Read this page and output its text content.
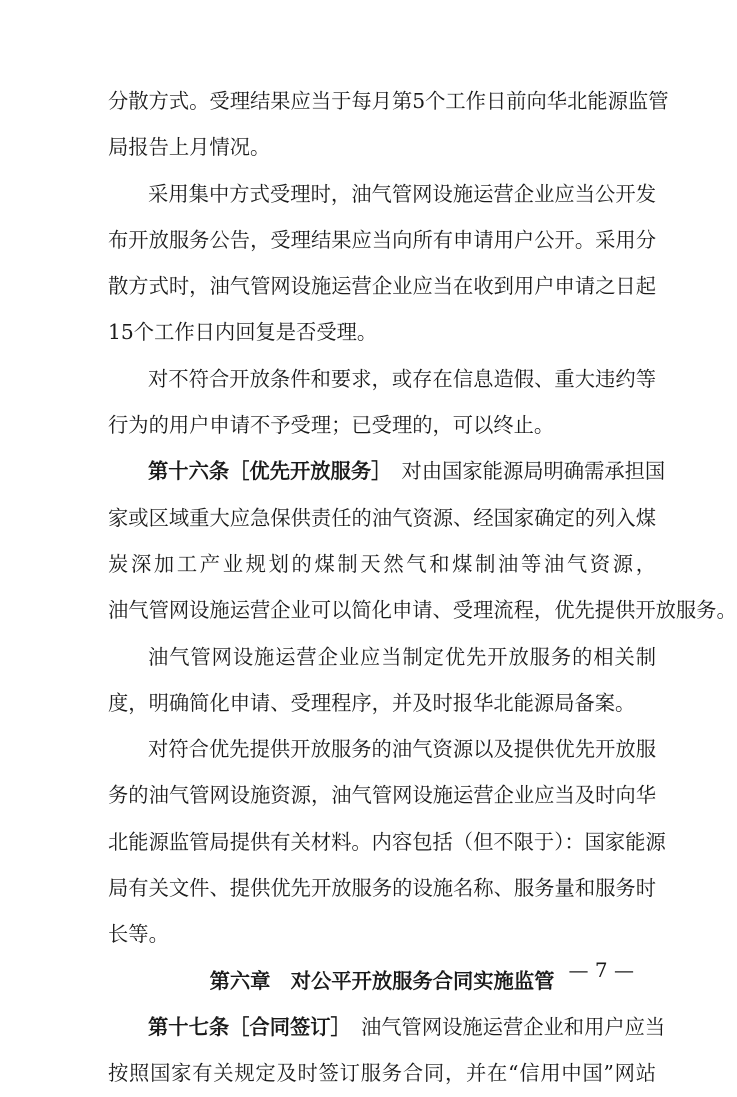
分散方式。受理结果应当于每月第5个工作日前向华北能源监管
局报告上月情况。
采用集中方式受理时，油气管网设施运营企业应当公开发
布开放服务公告，受理结果应当向所有申请用户公开。采用分
散方式时，油气管网设施运营企业应当在收到用户申请之日起
15个工作日内回复是否受理。
对不符合开放条件和要求，或存在信息造假、重大违约等
行为的用户申请不予受理；已受理的，可以终止。
第十六条［优先开放服务］　 对由国家能源局明确需承担国
家或区域重大应急保供责任的油气资源、经国家确定的列入煤
炭深加工产业规划的煤制天然气和煤制油等油气资源，
油气管网设施运营企业可以简化申请、受理流程，优先提供开放服务。
油气管网设施运营企业应当制定优先开放服务的相关制
度，明确简化申请、受理程序，并及时报华北能源局备案。
对符合优先提供开放服务的油气资源以及提供优先开放服
务的油气管网设施资源，油气管网设施运营企业应当及时向华
北能源监管局提供有关材料。内容包括（但不限于）：国家能源
局有关文件、提供优先开放服务的设施名称、服务量和服务时
长等。
第六章　对公平开放服务合同实施监管
第十七条［合同签订］　 油气管网设施运营企业和用户应当
按照国家有关规定及时签订服务合同，并在“信用中国”网站
— 7 —
